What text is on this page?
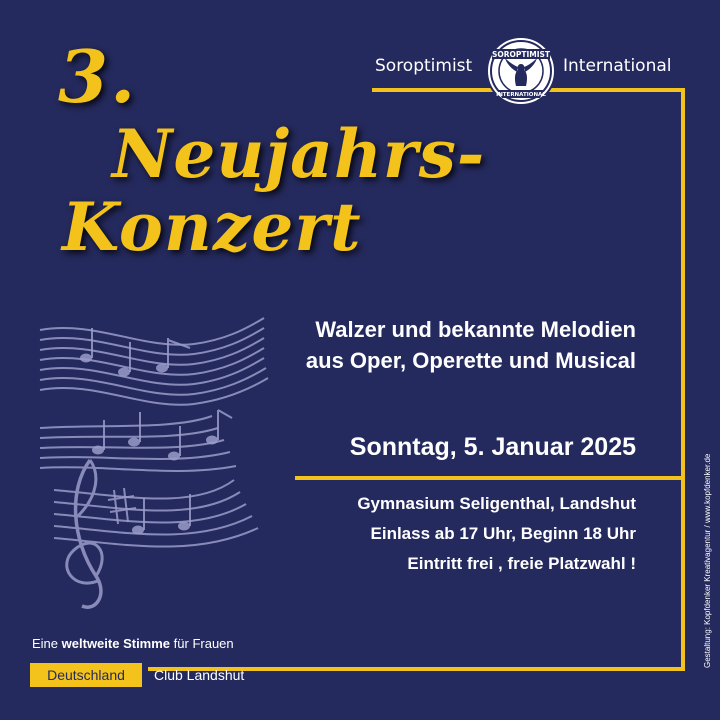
Soroptimist
SOROPTIMIST
INTERNATIONAL
International
3.
Neujahrs-
Konzert
Walzer und bekannte Melodien
aus Oper, Operette und Musical
Sonntag, 5. Januar 2025
Gymnasium Seligenthal, Landshut
Einlass ab 17 Uhr, Beginn 18 Uhr
Eintritt frei , freie Platzwahl !
Eine weltweite Stimme für Frauen
Deutschland	Club Landshut
Gestaltung: Kopfdenker Kreativagentur / www.kopfdenker.de
